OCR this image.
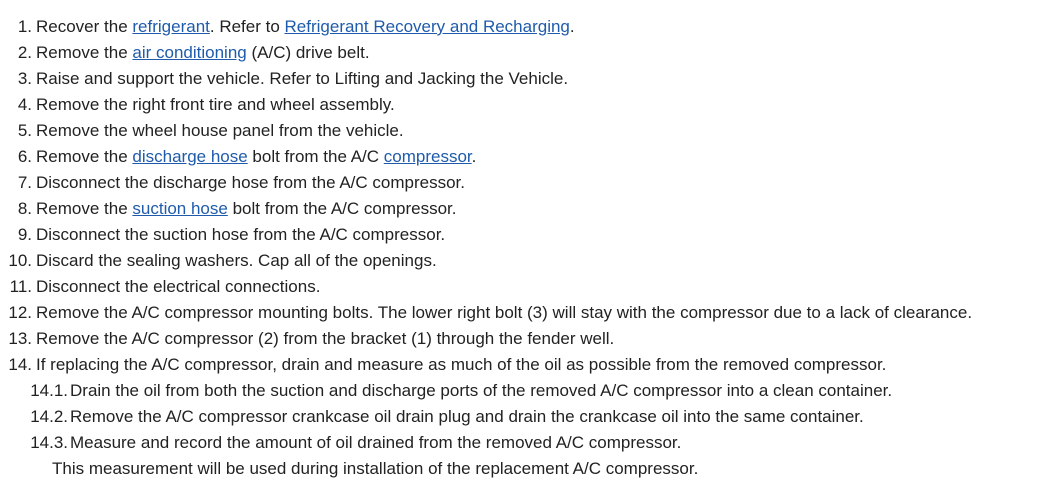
1. Recover the refrigerant. Refer to Refrigerant Recovery and Recharging.
2. Remove the air conditioning (A/C) drive belt.
3. Raise and support the vehicle. Refer to Lifting and Jacking the Vehicle.
4. Remove the right front tire and wheel assembly.
5. Remove the wheel house panel from the vehicle.
6. Remove the discharge hose bolt from the A/C compressor.
7. Disconnect the discharge hose from the A/C compressor.
8. Remove the suction hose bolt from the A/C compressor.
9. Disconnect the suction hose from the A/C compressor.
10. Discard the sealing washers. Cap all of the openings.
11. Disconnect the electrical connections.
12. Remove the A/C compressor mounting bolts. The lower right bolt (3) will stay with the compressor due to a lack of clearance.
13. Remove the A/C compressor (2) from the bracket (1) through the fender well.
14. If replacing the A/C compressor, drain and measure as much of the oil as possible from the removed compressor.
14.1. Drain the oil from both the suction and discharge ports of the removed A/C compressor into a clean container.
14.2. Remove the A/C compressor crankcase oil drain plug and drain the crankcase oil into the same container.
14.3. Measure and record the amount of oil drained from the removed A/C compressor.
This measurement will be used during installation of the replacement A/C compressor.
